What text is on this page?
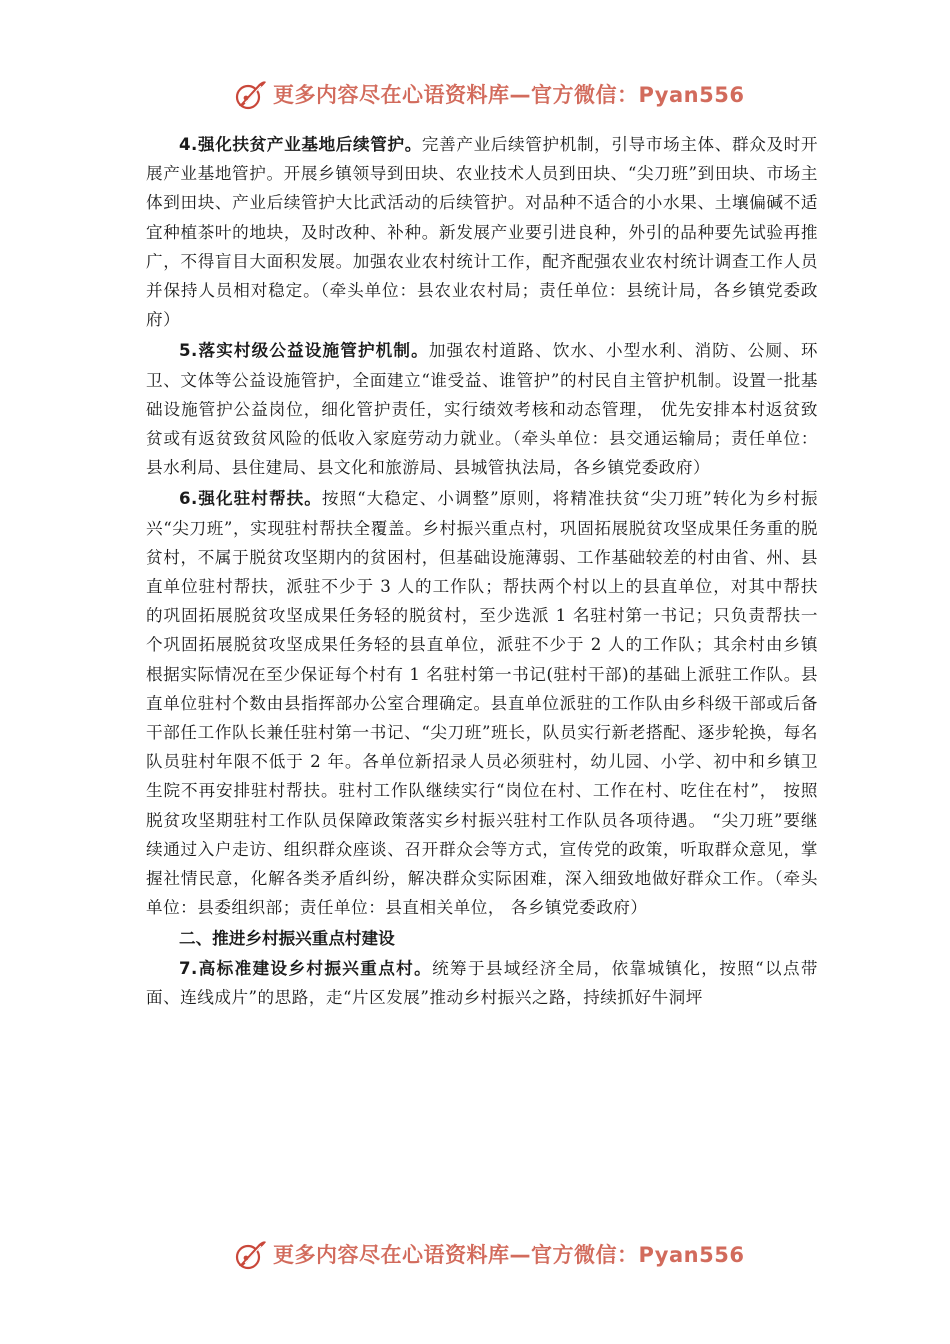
更多内容尽在心语资料库—官方微信：Pyan556

4.强化扶贫产业基地后续管护。完善产业后续管护机制，引导市场主体、群众及时开展产业基地管护。开展乡镇领导到田块、农业技术人员到田块、“尖刀班”到田块、市场主体到田块、产业后续管护大比武活动的后续管护。对品种不适合的小水果、土壤偏碱不适宜种植茶叶的地块，及时改种、补种。新发展产业要引进良种，外引的品种要先试验再推广，不得盲目大面积发展。加强农业农村统计工作，配齐配强农业农村统计调查工作人员并保持人员相对稳定。（牵头单位：县农业农村局；责任单位：县统计局，各乡镇党委政府）

5.落实村级公益设施管护机制。加强农村道路、饮水、小型水利、消防、公厕、环卫、文体等公益设施管护，全面建立“谁受益、谁管护”的村民自主管护机制。设置一批基础设施管护公益岗位，细化管护责任，实行绩效考核和动态管理， 优先安排本村返贫致贫或有返贫致贫风险的低收入家庭劳动力就业。（牵头单位：县交通运输局；责任单位：县水利局、县住建局、县文化和旅游局、县城管执法局，各乡镇党委政府）

6.强化驻村帮扶。按照“大稳定、小调整”原则，将精准扶贫“尖刀班”转化为乡村振兴“尖刀班”，实现驻村帮扶全覆盖。乡村振兴重点村，巩固拓展脱贫攻坚成果任务重的脱贫村，不属于脱贫攻坚期内的贫困村，但基础设施薄弱、工作基础较差的村由省、州、县直单位驻村帮扶，派驻不少于 3 人的工作队；帮扶两个村以上的县直单位，对其中帮扶的巩固拓展脱贫攻坚成果任务轻的脱贫村，至少选派 1 名驻村第一书记；只负责帮扶一个巩固拓展脱贫攻坚成果任务轻的县直单位，派驻不少于 2 人的工作队；其余村由乡镇根据实际情况在至少保证每个村有 1 名驻村第一书记(驻村干部)的基础上派驻工作队。县直单位驻村个数由县指挥部办公室合理确定。县直单位派驻的工作队由乡科级干部或后备干部任工作队长兼任驻村第一书记、“尖刀班”班长，队员实行新老搭配、逐步轮换，每名队员驻村年限不低于 2 年。各单位新招录人员必须驻村，幼儿园、小学、初中和乡镇卫生院不再安排驻村帮扶。驻村工作队继续实行“岗位在村、工作在村、吃住在村”， 按照脱贫攻坚期驻村工作队员保障政策落实乡村振兴驻村工作队员各项待遇。 “尖刀班”要继续通过入户走访、组织群众座谈、召开群众会等方式，宣传党的政策，听取群众意见，掌握社情民意，化解各类矛盾纠纷，解决群众实际困难，深入细致地做好群众工作。（牵头单位：县委组织部；责任单位：县直相关单位， 各乡镇党委政府）

二、推进乡村振兴重点村建设

7.高标准建设乡村振兴重点村。统筹于县域经济全局，依靠城镇化，按照“以点带面、连线成片”的思路，走“片区发展”推动乡村振兴之路，持续抓好牛洞坪

更多内容尽在心语资料库—官方微信：Pyan556
